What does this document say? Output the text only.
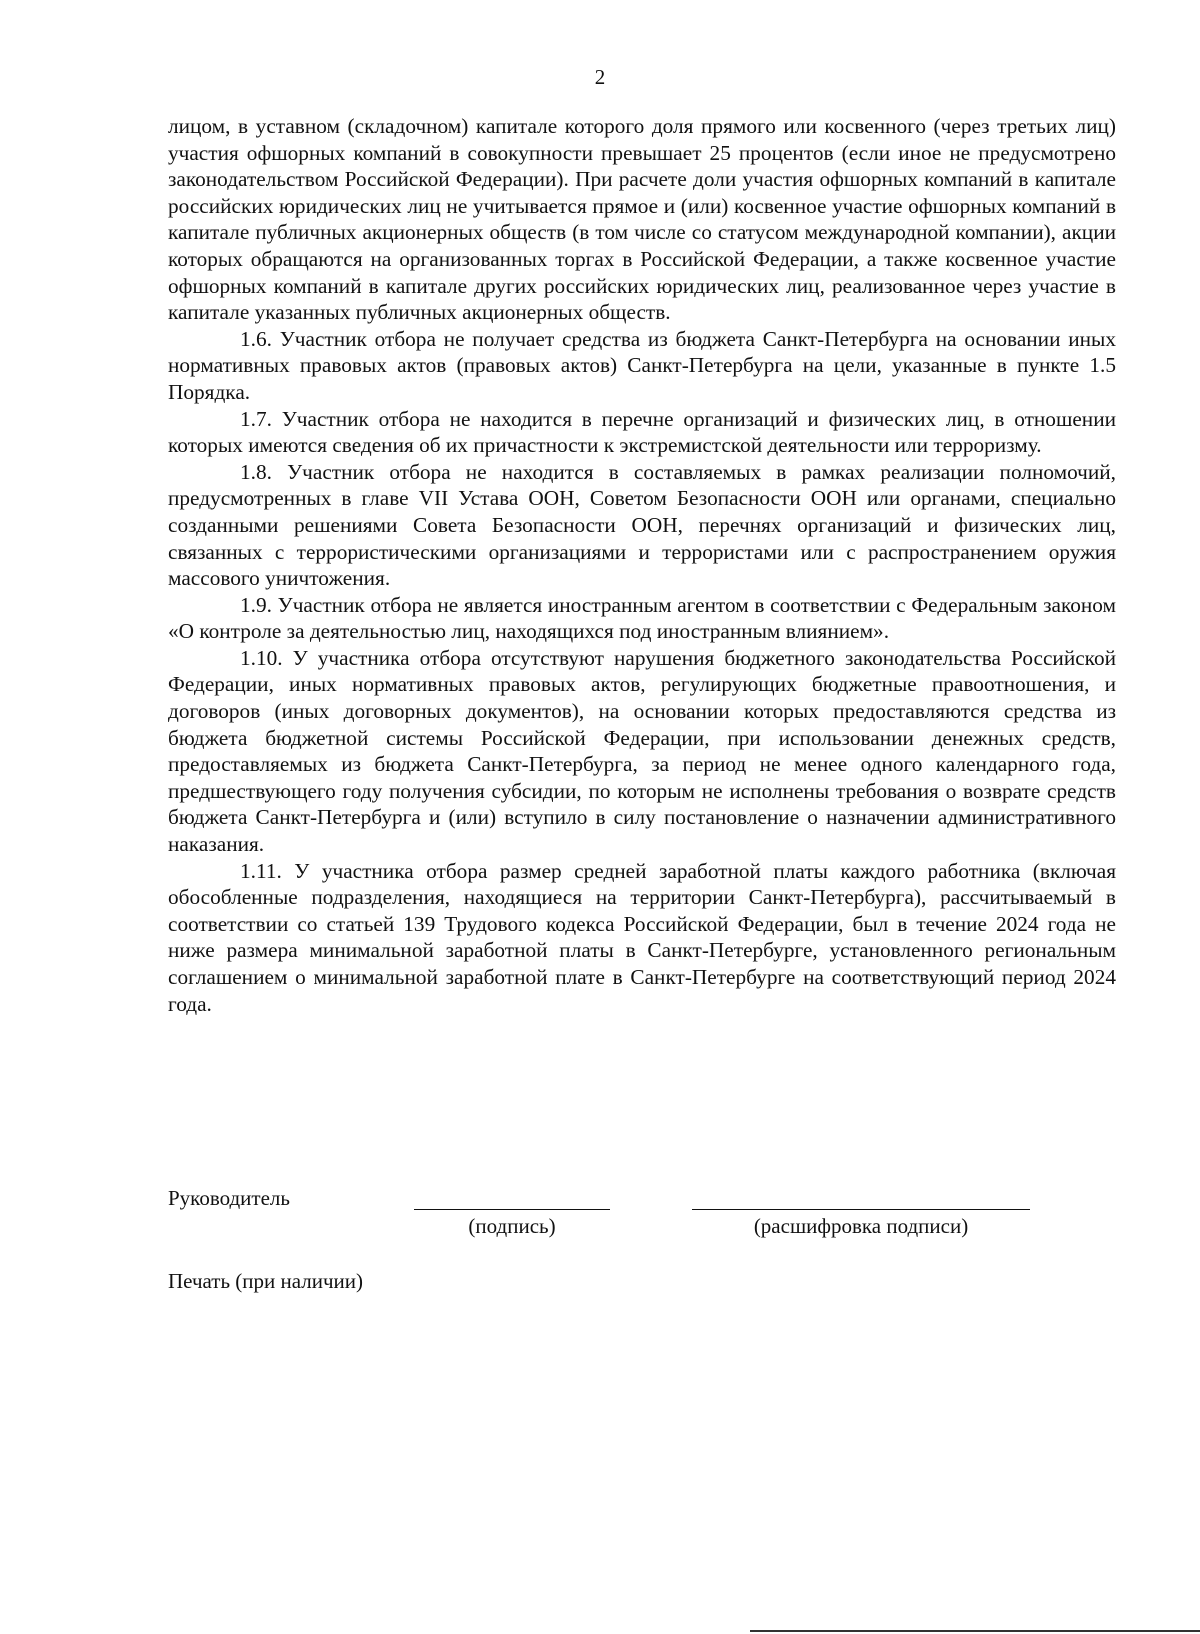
2

лицом, в уставном (складочном) капитале которого доля прямого или косвенного (через третьих лиц) участия офшорных компаний в совокупности превышает 25 процентов (если иное не предусмотрено законодательством Российской Федерации). При расчете доли участия офшорных компаний в капитале российских юридических лиц не учитывается прямое и (или) косвенное участие офшорных компаний в капитале публичных акционерных обществ (в том числе со статусом международной компании), акции которых обращаются на организованных торгах в Российской Федерации, а также косвенное участие офшорных компаний в капитале других российских юридических лиц, реализованное через участие в капитале указанных публичных акционерных обществ.

1.6. Участник отбора не получает средства из бюджета Санкт-Петербурга на основании иных нормативных правовых актов (правовых актов) Санкт-Петербурга на цели, указанные в пункте 1.5 Порядка.

1.7. Участник отбора не находится в перечне организаций и физических лиц, в отношении которых имеются сведения об их причастности к экстремистской деятельности или терроризму.

1.8. Участник отбора не находится в составляемых в рамках реализации полномочий, предусмотренных в главе VII Устава ООН, Советом Безопасности ООН или органами, специально созданными решениями Совета Безопасности ООН, перечнях организаций и физических лиц, связанных с террористическими организациями и террористами или с распространением оружия массового уничтожения.

1.9. Участник отбора не является иностранным агентом в соответствии с Федеральным законом «О контроле за деятельностью лиц, находящихся под иностранным влиянием».

1.10. У участника отбора отсутствуют нарушения бюджетного законодательства Российской Федерации, иных нормативных правовых актов, регулирующих бюджетные правоотношения, и договоров (иных договорных документов), на основании которых предоставляются средства из бюджета бюджетной системы Российской Федерации, при использовании денежных средств, предоставляемых из бюджета Санкт-Петербурга, за период не менее одного календарного года, предшествующего году получения субсидии, по которым не исполнены требования о возврате средств бюджета Санкт-Петербурга и (или) вступило в силу постановление о назначении административного наказания.

1.11. У участника отбора размер средней заработной платы каждого работника (включая обособленные подразделения, находящиеся на территории Санкт-Петербурга), рассчитываемый в соответствии со статьей 139 Трудового кодекса Российской Федерации, был в течение 2024 года не ниже размера минимальной заработной платы в Санкт-Петербурге, установленного региональным соглашением о минимальной заработной плате в Санкт-Петербурге на соответствующий период 2024 года.

Руководитель
(подпись)	(расшифровка подписи)
Печать (при наличии)
